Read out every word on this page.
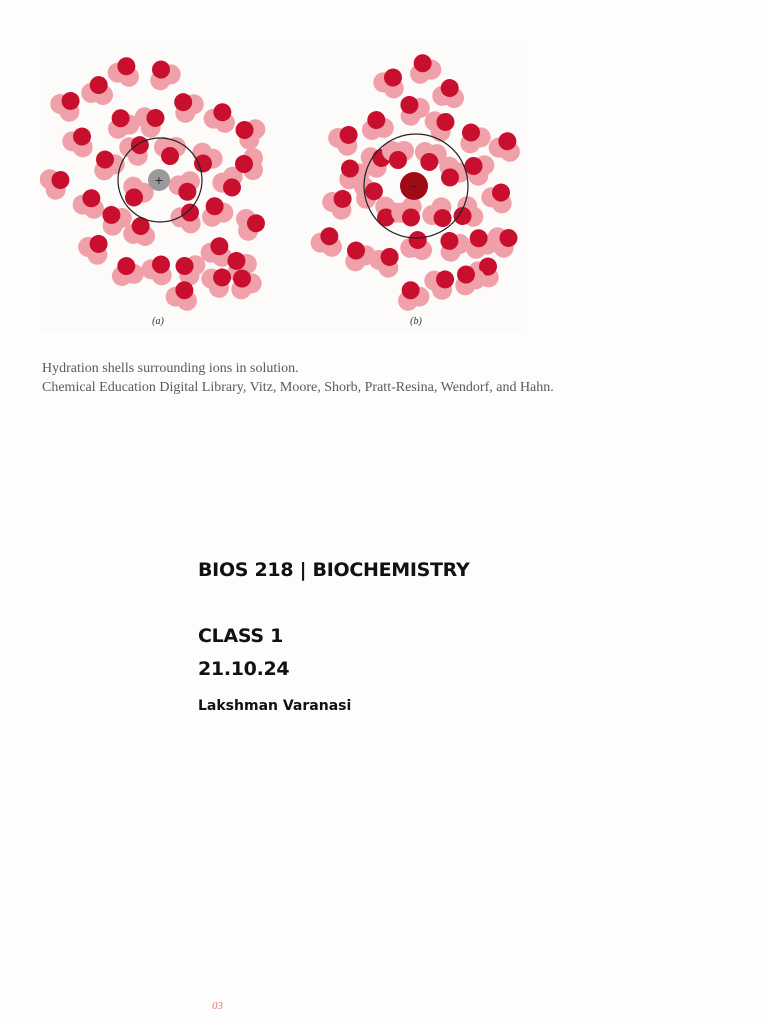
+	−
(a)	(b)
Hydration shells surrounding ions in solution.
Chemical Education Digital Library, Vitz, Moore, Shorb, Pratt-Resina, Wendorf, and Hahn.
BIOS 218 | BIOCHEMISTRY
CLASS 1
21.10.24
Lakshman Varanasi
03
